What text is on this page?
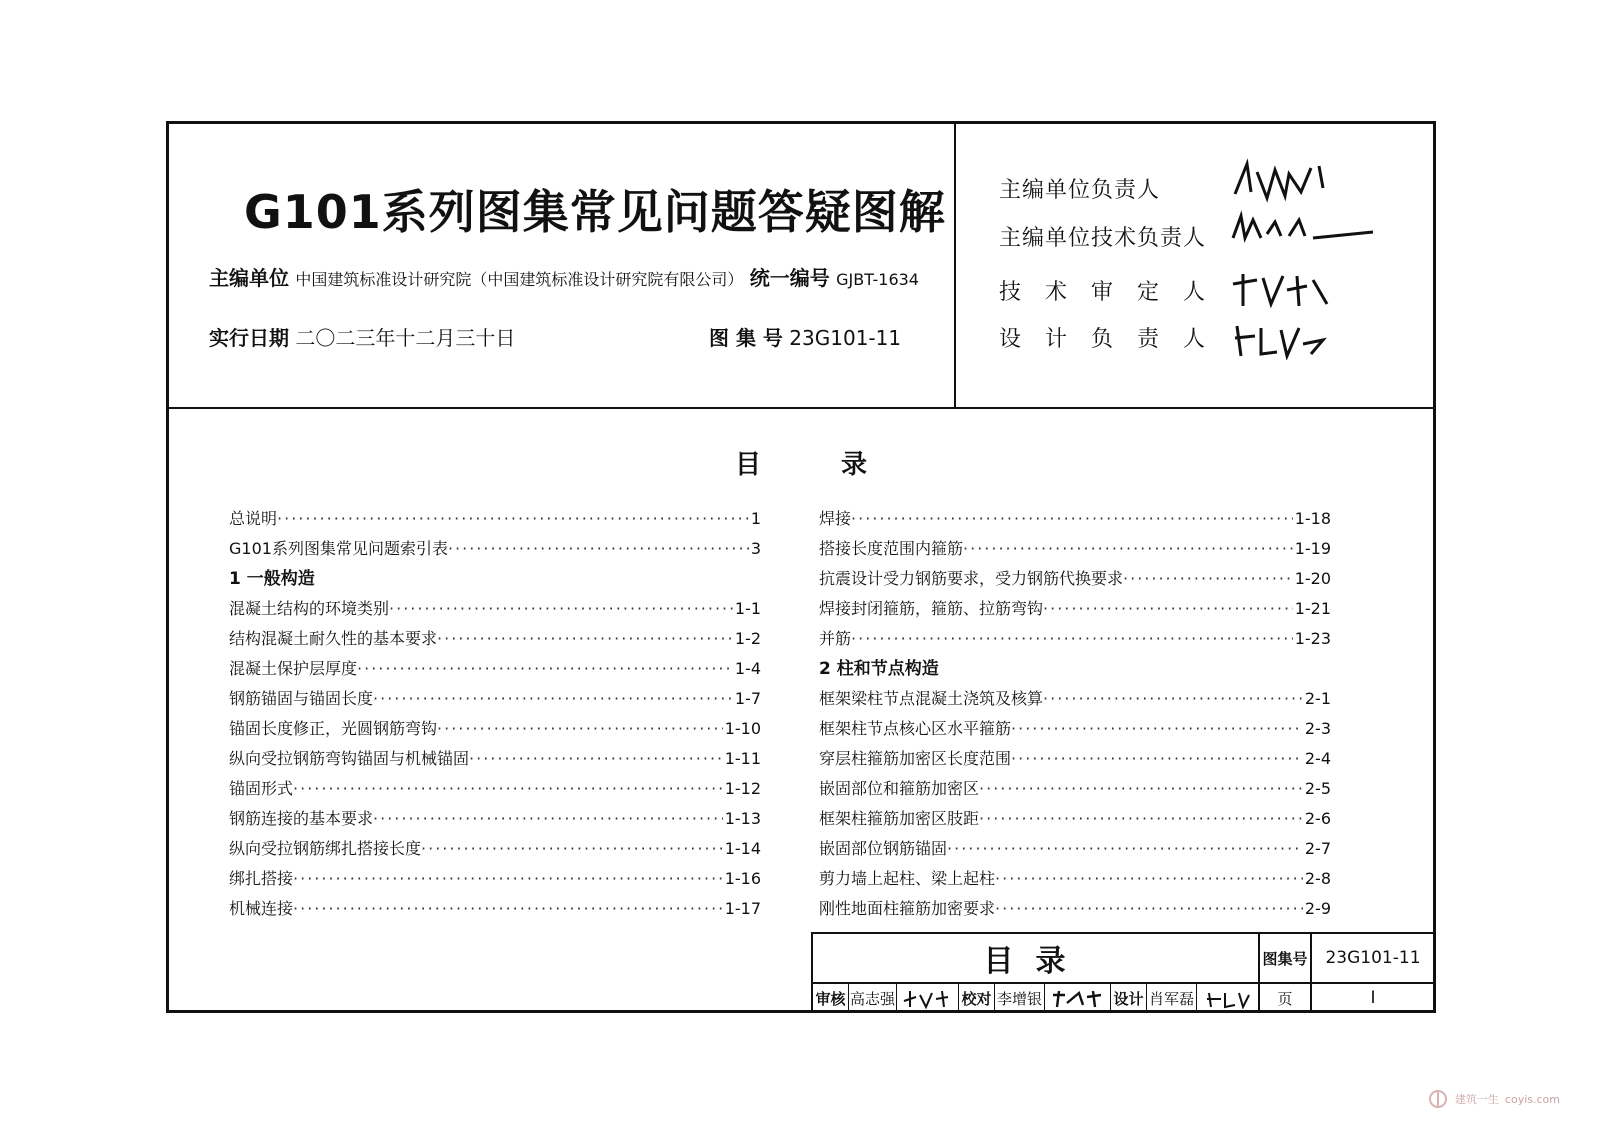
G101系列图集常见问题答疑图解
主编单位 中国建筑标准设计研究院（中国建筑标准设计研究院有限公司） 统一编号 GJBT-1634
实行日期 二〇二三年十二月三十日	图 集 号 23G101-11
主编单位负责人
主编单位技术负责人
技　术　审　定　人
设　计　负　责　人
目录
总说明 ·····	1
G101系列图集常见问题索引表 ·····	3
1 一般构造
混凝土结构的环境类别 ·····	1-1
结构混凝土耐久性的基本要求 ·····	1-2
混凝土保护层厚度 ·····	1-4
钢筋锚固与锚固长度 ·····	1-7
锚固长度修正，光圆钢筋弯钩 ·····	1-10
纵向受拉钢筋弯钩锚固与机械锚固 ·····	1-11
锚固形式 ·····	1-12
钢筋连接的基本要求 ·····	1-13
纵向受拉钢筋绑扎搭接长度 ·····	1-14
绑扎搭接 ·····	1-16
机械连接 ·····	1-17
焊接 ·····	1-18
搭接长度范围内箍筋 ·····	1-19
抗震设计受力钢筋要求，受力钢筋代换要求 ·····	1-20
焊接封闭箍筋，箍筋、拉筋弯钩 ·····	1-21
并筋 ·····	1-23
2 柱和节点构造
框架梁柱节点混凝土浇筑及核算 ·····	2-1
框架柱节点核心区水平箍筋 ·····	2-3
穿层柱箍筋加密区长度范围 ·····	2-4
嵌固部位和箍筋加密区 ·····	2-5
框架柱箍筋加密区肢距 ·····	2-6
嵌固部位钢筋锚固 ·····	2-7
剪力墙上起柱、梁上起柱 ·····	2-8
刚性地面柱箍筋加密要求 ·····	2-9
目录	图集号	23G101-11
审核 高志强	校对 李增银	设计 肖军磊	页	I
建筑一生 coyis.com
